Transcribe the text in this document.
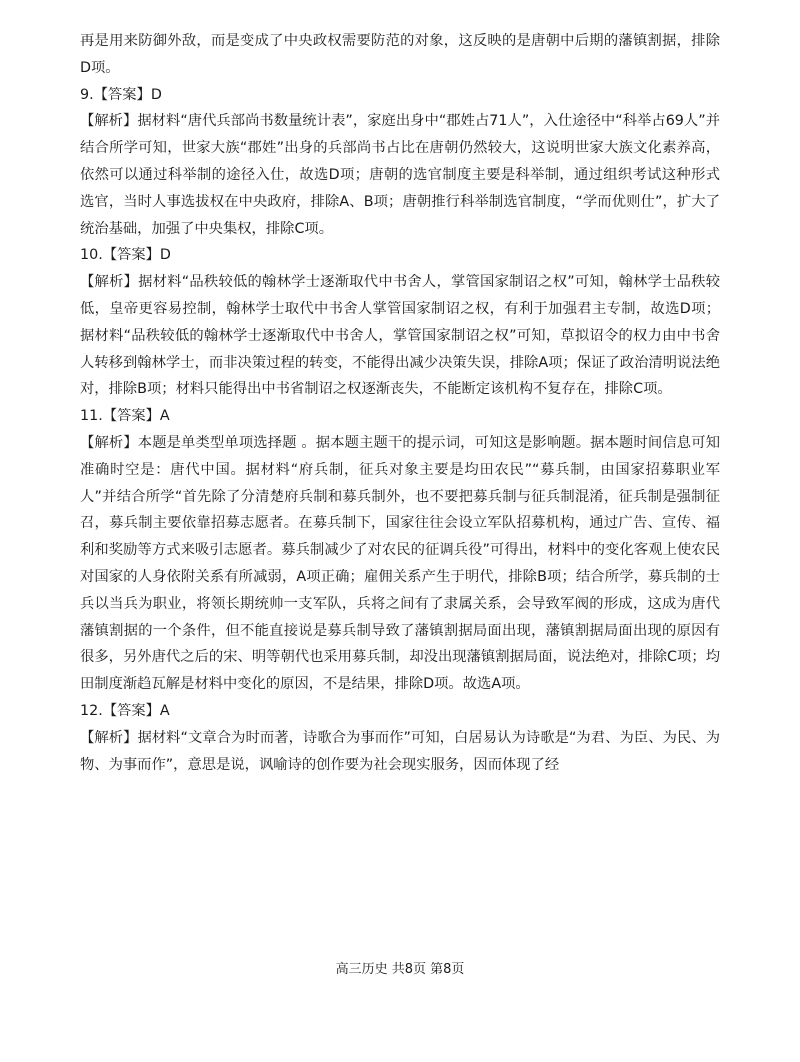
再是用来防御外敌，而是变成了中央政权需要防范的对象，这反映的是唐朝中后期的藩镇割据，排除D项。

9.【答案】D

【解析】据材料“唐代兵部尚书数量统计表”，家庭出身中“郡姓占71人”，入仕途径中“科举占69人”并结合所学可知，世家大族“郡姓”出身的兵部尚书占比在唐朝仍然较大，这说明世家大族文化素养高，依然可以通过科举制的途径入仕，故选D项；唐朝的选官制度主要是科举制，通过组织考试这种形式选官，当时人事选拔权在中央政府，排除A、B项；唐朝推行科举制选官制度，“学而优则仕”，扩大了统治基础，加强了中央集权，排除C项。

10.【答案】D

【解析】据材料“品秩较低的翰林学士逐渐取代中书舍人，掌管国家制诏之权”可知，翰林学士品秩较低，皇帝更容易控制，翰林学士取代中书舍人掌管国家制诏之权，有利于加强君主专制，故选D项；据材料“品秩较低的翰林学士逐渐取代中书舍人，掌管国家制诏之权”可知，草拟诏令的权力由中书舍人转移到翰林学士，而非决策过程的转变，不能得出减少决策失误，排除A项；保证了政治清明说法绝对，排除B项；材料只能得出中书省制诏之权逐渐丧失，不能断定该机构不复存在，排除C项。

11.【答案】A

【解析】本题是单类型单项选择题 。据本题主题干的提示词，可知这是影响题。据本题时间信息可知准确时空是：唐代中国。据材料“府兵制，征兵对象主要是均田农民”“募兵制，由国家招募职业军人”并结合所学“首先除了分清楚府兵制和募兵制外，也不要把募兵制与征兵制混淆，征兵制是强制征召，募兵制主要依靠招募志愿者。在募兵制下，国家往往会设立军队招募机构，通过广告、宣传、福利和奖励等方式来吸引志愿者。募兵制减少了对农民的征调兵役”可得出，材料中的变化客观上使农民对国家的人身依附关系有所减弱，A项正确；雇佣关系产生于明代，排除B项；结合所学，募兵制的士兵以当兵为职业，将领长期统帅一支军队，兵将之间有了隶属关系，会导致军阀的形成，这成为唐代藩镇割据的一个条件，但不能直接说是募兵制导致了藩镇割据局面出现，藩镇割据局面出现的原因有很多，另外唐代之后的宋、明等朝代也采用募兵制，却没出现藩镇割据局面，说法绝对，排除C项；均田制度渐趋瓦解是材料中变化的原因，不是结果，排除D项。故选A项。

12.【答案】A

【解析】据材料“文章合为时而著，诗歌合为事而作”可知，白居易认为诗歌是“为君、为臣、为民、为物、为事而作”，意思是说，讽喻诗的创作要为社会现实服务，因而体现了经

高三历史 共8页 第8页
